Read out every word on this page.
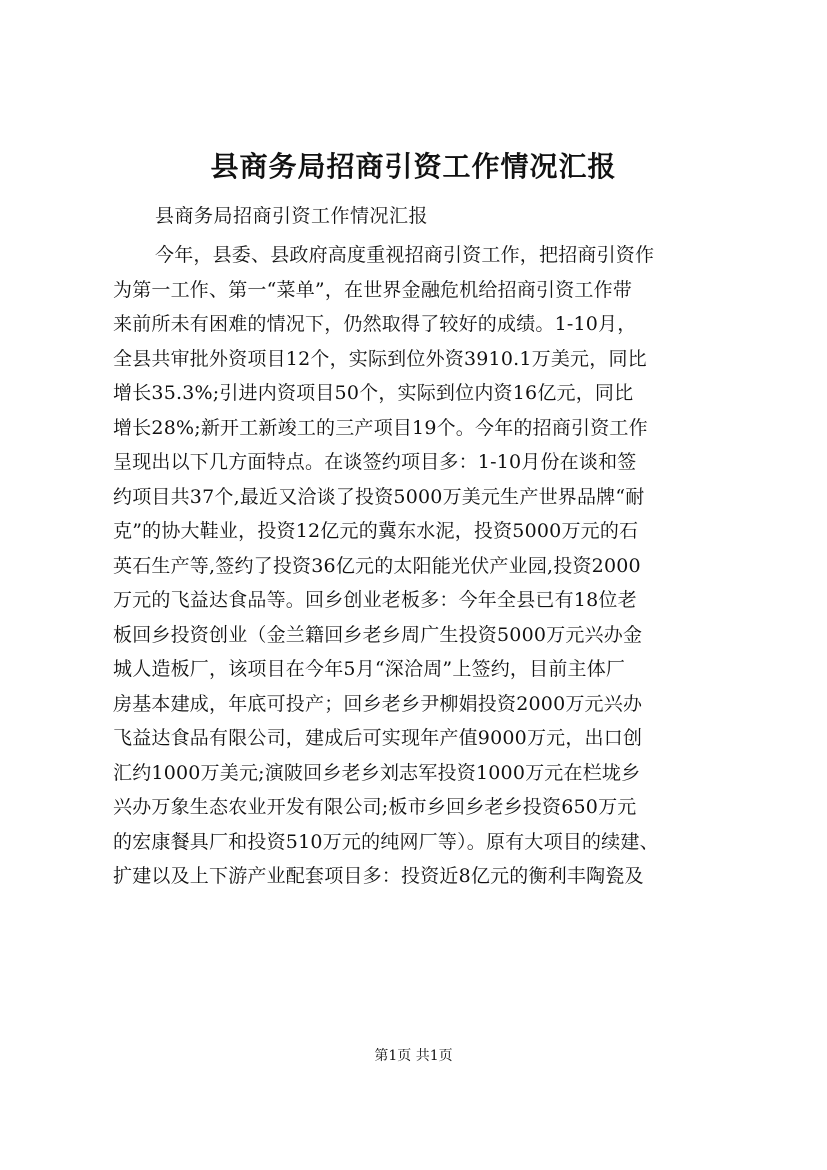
县商务局招商引资工作情况汇报
县商务局招商引资工作情况汇报
今年，县委、县政府高度重视招商引资工作，把招商引资作
为第一工作、第一“菜单”，在世界金融危机给招商引资工作带
来前所未有困难的情况下，仍然取得了较好的成绩。1-10月，
全县共审批外资项目12个，实际到位外资3910.1万美元，同比
增长35.3%;引进内资项目50个，实际到位内资16亿元，同比
增长28%;新开工新竣工的三产项目19个。今年的招商引资工作
呈现出以下几方面特点。在谈签约项目多：1-10月份在谈和签
约项目共37个,最近又洽谈了投资5000万美元生产世界品牌“耐
克”的协大鞋业，投资12亿元的冀东水泥，投资5000万元的石
英石生产等,签约了投资36亿元的太阳能光伏产业园,投资2000
万元的飞益达食品等。回乡创业老板多：今年全县已有18位老
板回乡投资创业（金兰籍回乡老乡周广生投资5000万元兴办金
城人造板厂，该项目在今年5月“深洽周”上签约，目前主体厂
房基本建成，年底可投产；回乡老乡尹柳娟投资2000万元兴办
飞益达食品有限公司，建成后可实现年产值9000万元，出口创
汇约1000万美元;演陂回乡老乡刘志军投资1000万元在栏垅乡
兴办万象生态农业开发有限公司;板市乡回乡老乡投资650万元
的宏康餐具厂和投资510万元的纯网厂等）。原有大项目的续建、
扩建以及上下游产业配套项目多：投资近8亿元的衡利丰陶瓷及
第1页 共1页
